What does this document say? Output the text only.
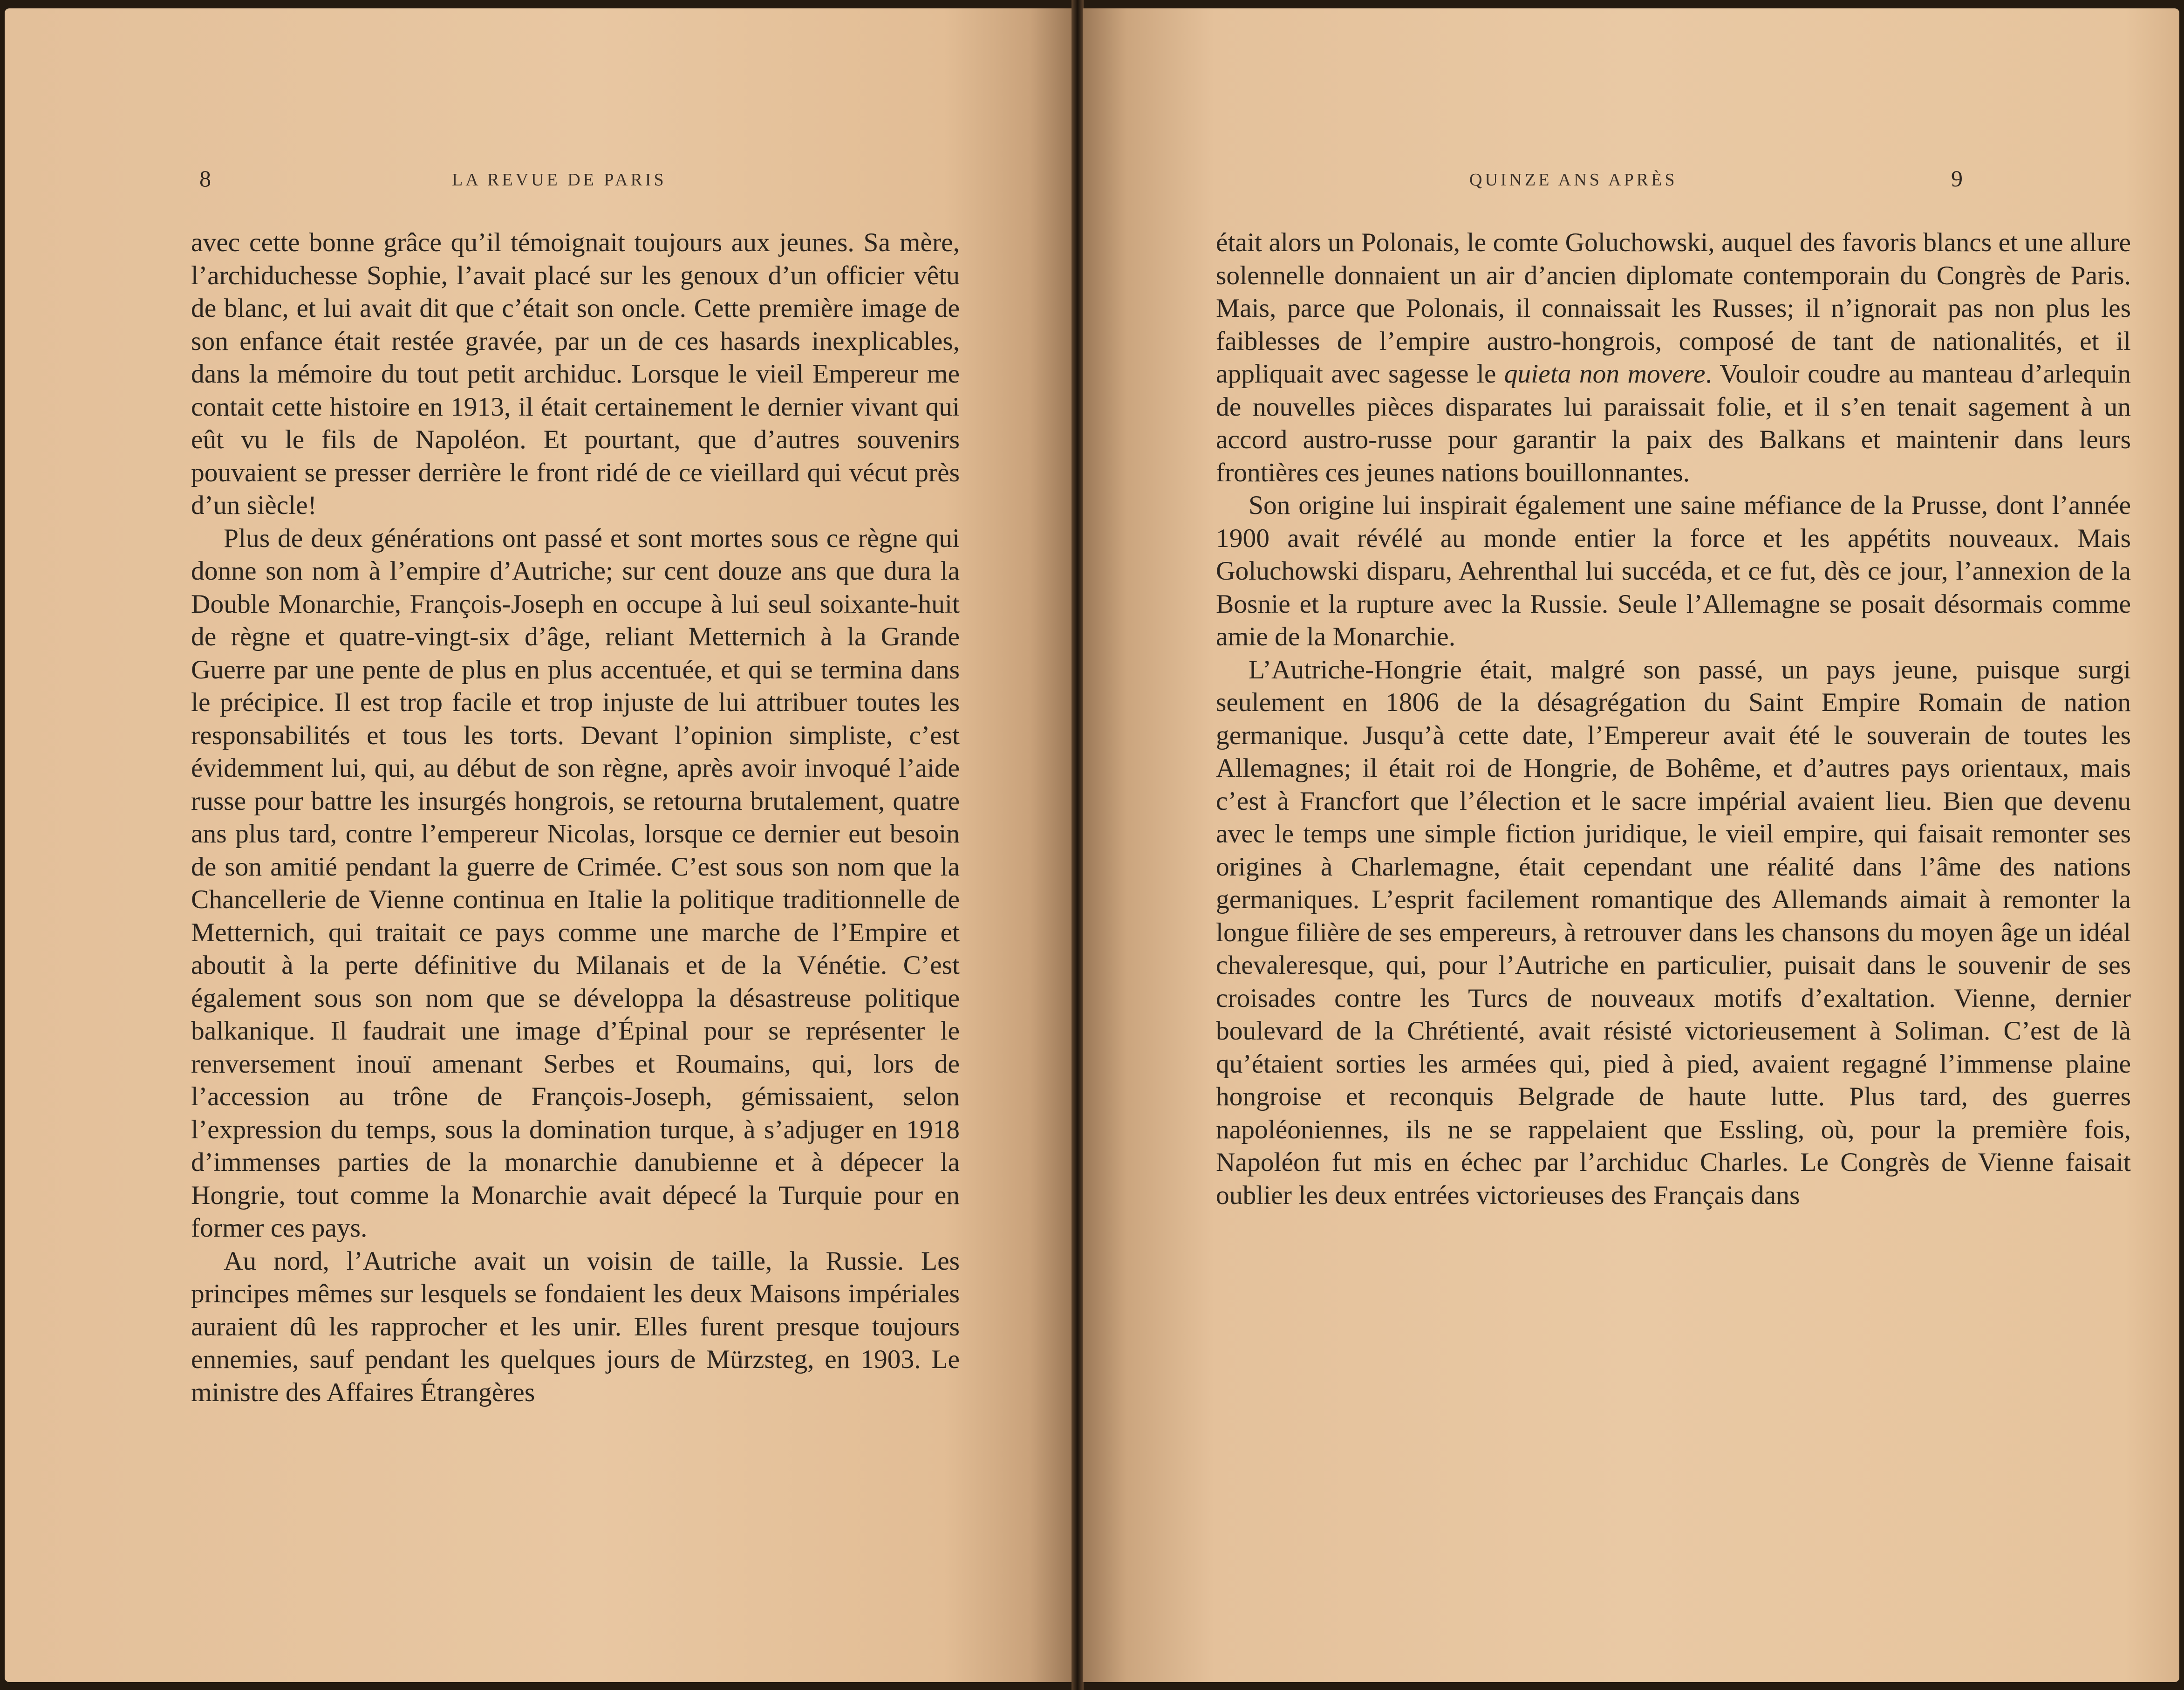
8	LA REVUE DE PARIS

avec cette bonne grâce qu’il témoignait toujours aux jeunes. Sa mère, l’archiduchesse Sophie, l’avait placé sur les genoux d’un officier vêtu de blanc, et lui avait dit que c’était son oncle. Cette première image de son enfance était restée gravée, par un de ces hasards inexplicables, dans la mémoire du tout petit archiduc. Lorsque le vieil Empereur me contait cette histoire en 1913, il était certainement le dernier vivant qui eût vu le fils de Napoléon. Et pourtant, que d’autres souvenirs pouvaient se presser derrière le front ridé de ce vieillard qui vécut près d’un siècle!

Plus de deux générations ont passé et sont mortes sous ce règne qui donne son nom à l’empire d’Autriche; sur cent douze ans que dura la Double Monarchie, François-Joseph en occupe à lui seul soixante-huit de règne et quatre-vingt-six d’âge, reliant Metternich à la Grande Guerre par une pente de plus en plus accentuée, et qui se termina dans le précipice. Il est trop facile et trop injuste de lui attribuer toutes les responsabilités et tous les torts. Devant l’opinion simpliste, c’est évidemment lui, qui, au début de son règne, après avoir invoqué l’aide russe pour battre les insurgés hongrois, se retourna brutalement, quatre ans plus tard, contre l’empereur Nicolas, lorsque ce dernier eut besoin de son amitié pendant la guerre de Crimée. C’est sous son nom que la Chancellerie de Vienne continua en Italie la politique traditionnelle de Metternich, qui traitait ce pays comme une marche de l’Empire et aboutit à la perte définitive du Milanais et de la Vénétie. C’est également sous son nom que se développa la désastreuse politique balkanique. Il faudrait une image d’Épinal pour se représenter le renversement inouï amenant Serbes et Roumains, qui, lors de l’accession au trône de François-Joseph, gémissaient, selon l’expression du temps, sous la domination turque, à s’adjuger en 1918 d’immenses parties de la monarchie danubienne et à dépecer la Hongrie, tout comme la Monarchie avait dépecé la Turquie pour en former ces pays.

Au nord, l’Autriche avait un voisin de taille, la Russie. Les principes mêmes sur lesquels se fondaient les deux Maisons impériales auraient dû les rapprocher et les unir. Elles furent presque toujours ennemies, sauf pendant les quelques jours de Mürzsteg, en 1903. Le ministre des Affaires Étrangères

QUINZE ANS APRÈS	9

était alors un Polonais, le comte Goluchowski, auquel des favoris blancs et une allure solennelle donnaient un air d’ancien diplomate contemporain du Congrès de Paris. Mais, parce que Polonais, il connaissait les Russes; il n’ignorait pas non plus les faiblesses de l’empire austro-hongrois, composé de tant de nationalités, et il appliquait avec sagesse le quieta non movere. Vouloir coudre au manteau d’arlequin de nouvelles pièces disparates lui paraissait folie, et il s’en tenait sagement à un accord austro-russe pour garantir la paix des Balkans et maintenir dans leurs frontières ces jeunes nations bouillonnantes.

Son origine lui inspirait également une saine méfiance de la Prusse, dont l’année 1900 avait révélé au monde entier la force et les appétits nouveaux. Mais Goluchowski disparu, Aehrenthal lui succéda, et ce fut, dès ce jour, l’annexion de la Bosnie et la rupture avec la Russie. Seule l’Allemagne se posait désormais comme amie de la Monarchie.

L’Autriche-Hongrie était, malgré son passé, un pays jeune, puisque surgi seulement en 1806 de la désagrégation du Saint Empire Romain de nation germanique. Jusqu’à cette date, l’Empereur avait été le souverain de toutes les Allemagnes; il était roi de Hongrie, de Bohême, et d’autres pays orientaux, mais c’est à Francfort que l’élection et le sacre impérial avaient lieu. Bien que devenu avec le temps une simple fiction juridique, le vieil empire, qui faisait remonter ses origines à Charlemagne, était cependant une réalité dans l’âme des nations germaniques. L’esprit facilement romantique des Allemands aimait à remonter la longue filière de ses empereurs, à retrouver dans les chansons du moyen âge un idéal chevaleresque, qui, pour l’Autriche en particulier, puisait dans le souvenir de ses croisades contre les Turcs de nouveaux motifs d’exaltation. Vienne, dernier boulevard de la Chrétienté, avait résisté victorieusement à Soliman. C’est de là qu’étaient sorties les armées qui, pied à pied, avaient regagné l’immense plaine hongroise et reconquis Belgrade de haute lutte. Plus tard, des guerres napoléoniennes, ils ne se rappelaient que Essling, où, pour la première fois, Napoléon fut mis en échec par l’archiduc Charles. Le Congrès de Vienne faisait oublier les deux entrées victorieuses des Français dans
